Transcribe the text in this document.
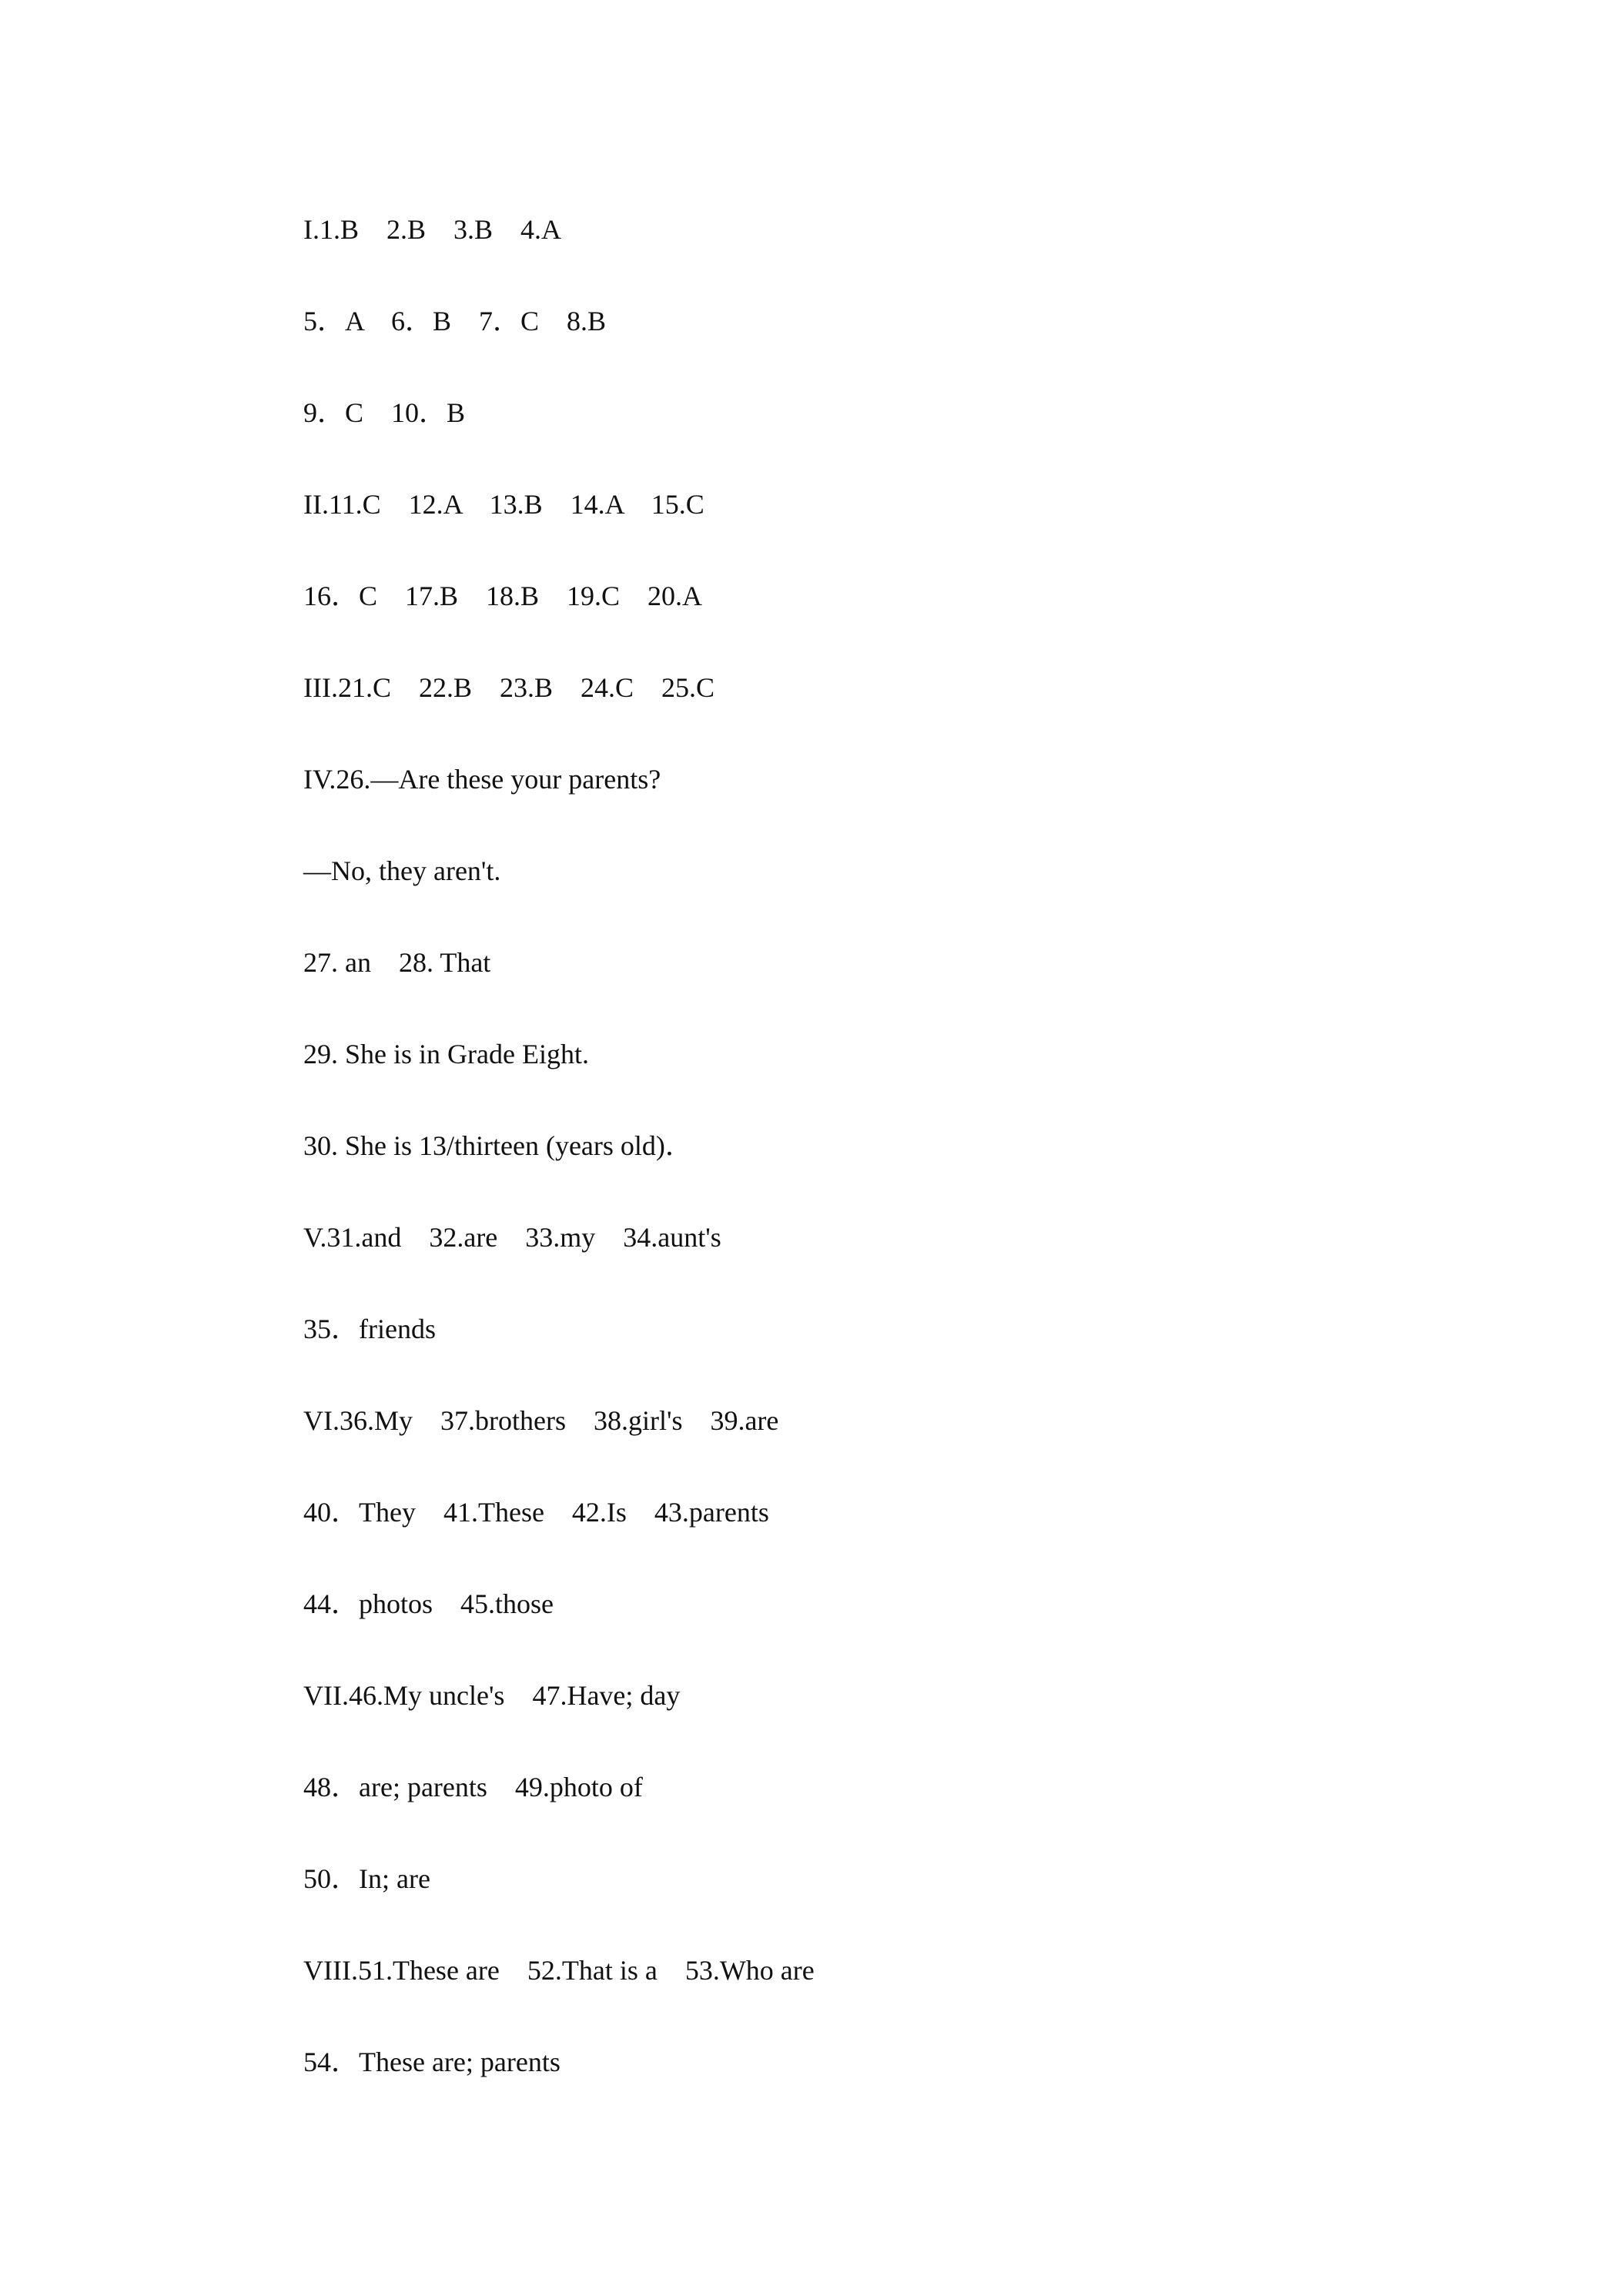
I.1.B　2.B　3.B　4.A
5．A　6．B　7．C　8.B
9．C　10．B
II.11.C　12.A　13.B　14.A　15.C
16．C　17.B　18.B　19.C　20.A
III.21.C　22.B　23.B　24.C　25.C
IV.26.—Are these your parents?
—No, they aren't.
27. an　28. That
29. She is in Grade Eight.
30. She is 13/thirteen (years old)．
V.31.and　32.are　33.my　34.aunt's
35．friends
VI.36.My　37.brothers　38.girl's　39.are
40．They　41.These　42.Is　43.parents
44．photos　45.those
VII.46.My uncle's　47.Have; day
48．are; parents　49.photo of
50．In; are
VIII.51.These are　52.That is a　53.Who are
54．These are; parents
